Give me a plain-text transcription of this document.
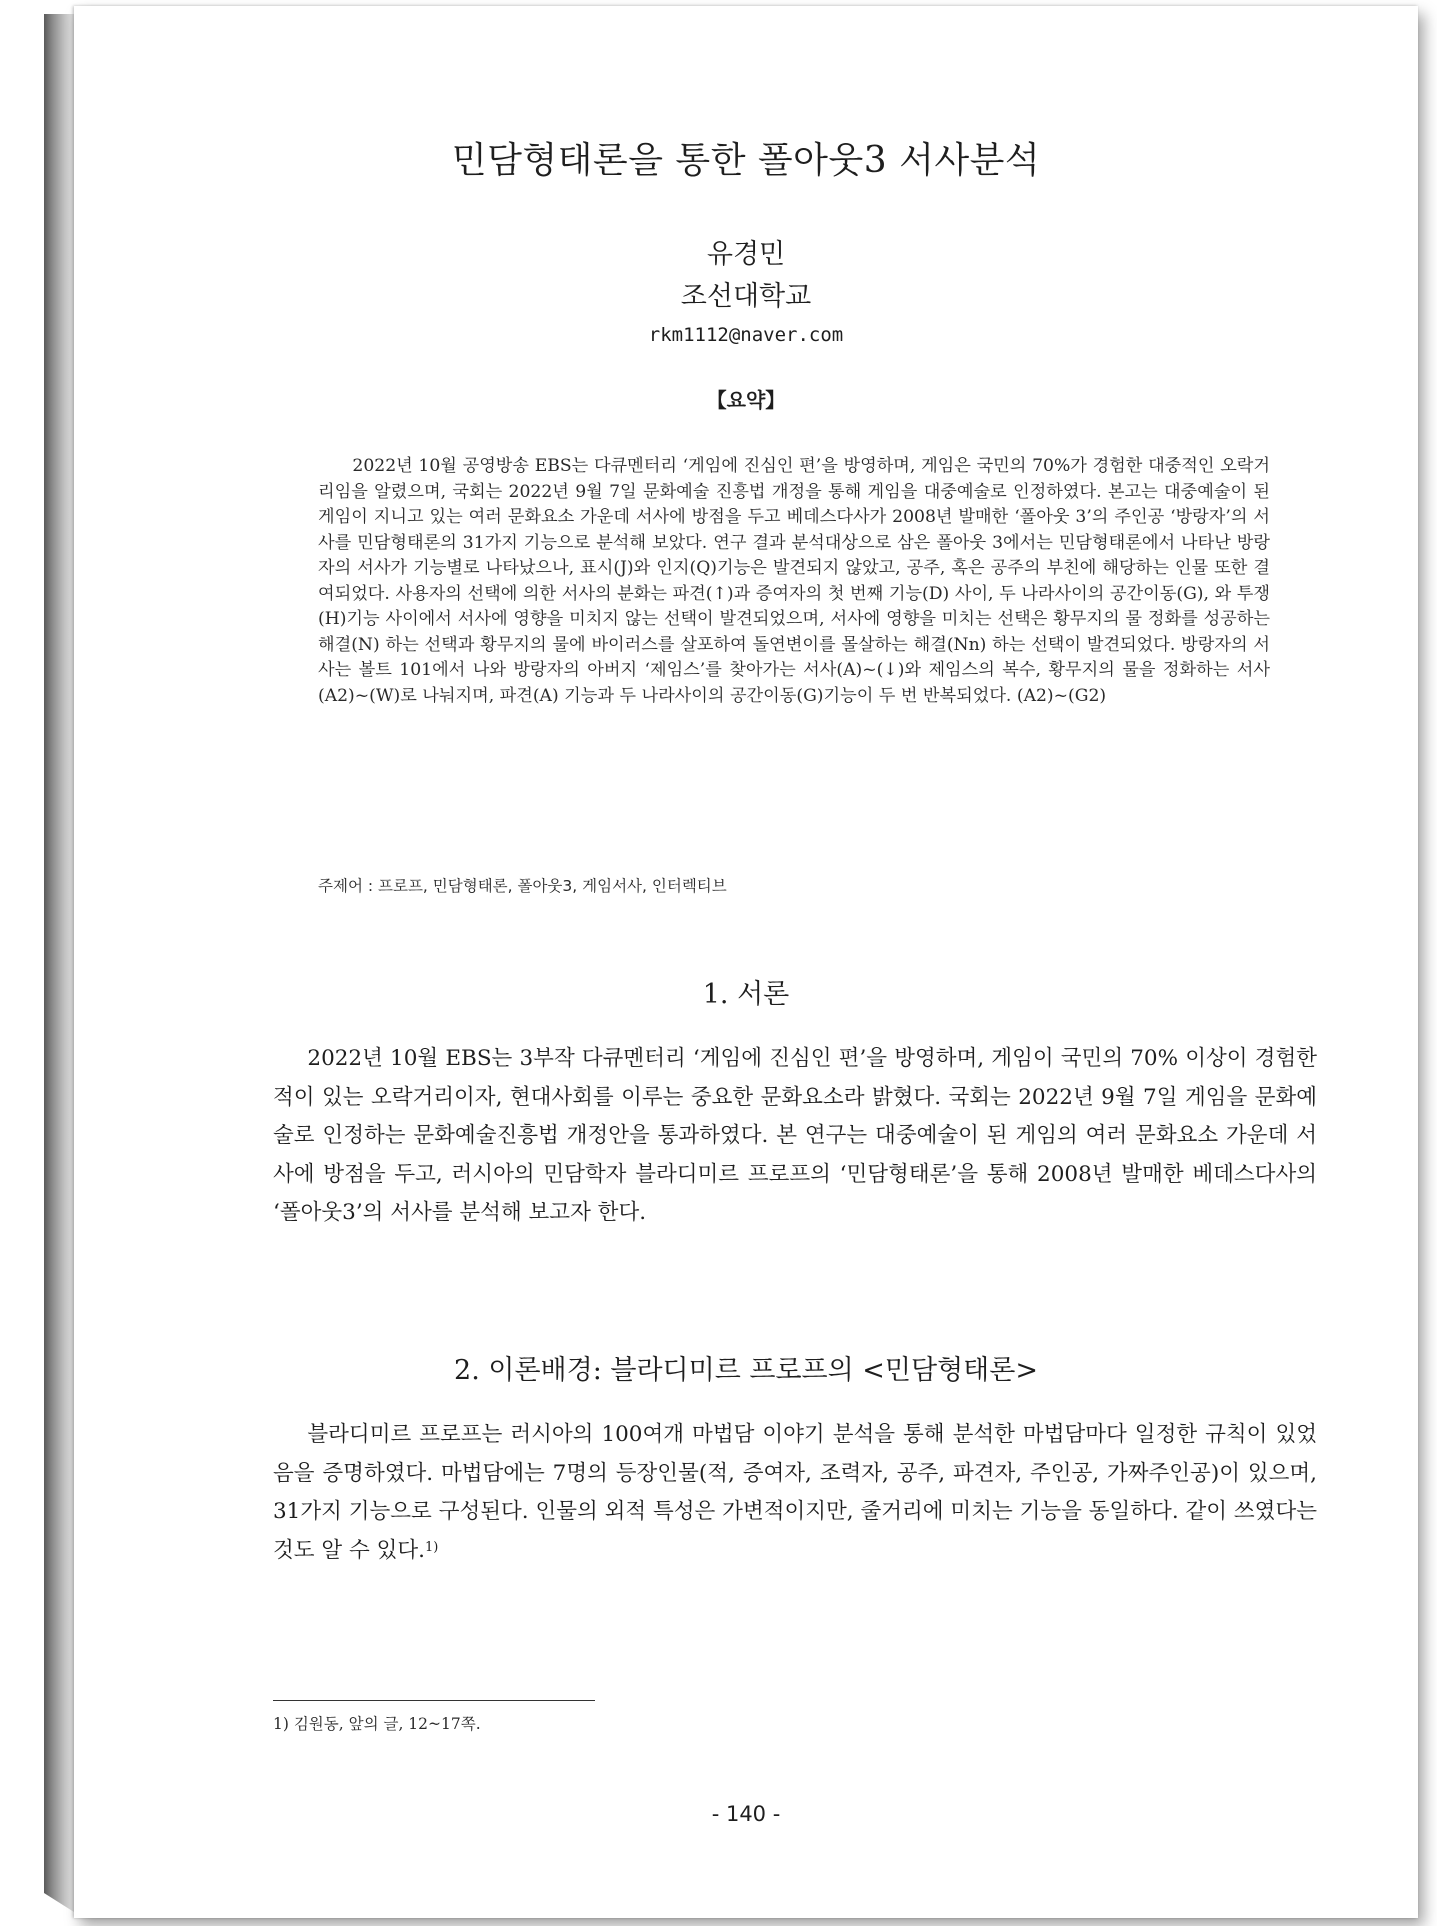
민담형태론을 통한 폴아웃3 서사분석
유경민
조선대학교
rkm1112@naver.com
【요약】
2022년 10월 공영방송 EBS는 다큐멘터리 ‘게임에 진심인 편’을 방영하며, 게임은 국민의 70%가 경험한 대중적인 오락거리임을 알렸으며, 국회는 2022년 9월 7일 문화예술 진흥법 개정을 통해 게임을 대중예술로 인정하였다. 본고는 대중예술이 된 게임이 지니고 있는 여러 문화요소 가운데 서사에 방점을 두고 베데스다사가 2008년 발매한 ‘폴아웃 3’의 주인공 ‘방랑자’의 서사를 민담형태론의 31가지 기능으로 분석해 보았다. 연구 결과 분석대상으로 삼은 폴아웃 3에서는 민담형태론에서 나타난 방랑자의 서사가 기능별로 나타났으나, 표시(J)와 인지(Q)기능은 발견되지 않았고, 공주, 혹은 공주의 부친에 해당하는 인물 또한 결여되었다. 사용자의 선택에 의한 서사의 분화는 파견(↑)과 증여자의 첫 번째 기능(D) 사이, 두 나라사이의 공간이동(G), 와 투쟁(H)기능 사이에서 서사에 영향을 미치지 않는 선택이 발견되었으며, 서사에 영향을 미치는 선택은 황무지의 물 정화를 성공하는 해결(N) 하는 선택과 황무지의 물에 바이러스를 살포하여 돌연변이를 몰살하는 해결(Nn) 하는 선택이 발견되었다. 방랑자의 서사는 볼트 101에서 나와 방랑자의 아버지 ‘제임스’를 찾아가는 서사(A)~(↓)와 제임스의 복수, 황무지의 물을 정화하는 서사(A2)~(W)로 나눠지며, 파견(A) 기능과 두 나라사이의 공간이동(G)기능이 두 번 반복되었다. (A2)~(G2)
주제어 : 프로프, 민담형태론, 폴아웃3, 게임서사, 인터렉티브
1. 서론
2022년 10월 EBS는 3부작 다큐멘터리 ‘게임에 진심인 편’을 방영하며, 게임이 국민의 70% 이상이 경험한 적이 있는 오락거리이자, 현대사회를 이루는 중요한 문화요소라 밝혔다. 국회는 2022년 9월 7일 게임을 문화예술로 인정하는 문화예술진흥법 개정안을 통과하였다. 본 연구는 대중예술이 된 게임의 여러 문화요소 가운데 서사에 방점을 두고, 러시아의 민담학자 블라디미르 프로프의 ‘민담형태론’을 통해 2008년 발매한 베데스다사의 ‘폴아웃3’의 서사를 분석해 보고자 한다.
2. 이론배경: 블라디미르 프로프의 <민담형태론>
블라디미르 프로프는 러시아의 100여개 마법담 이야기 분석을 통해 분석한 마법담마다 일정한 규칙이 있었음을 증명하였다. 마법담에는 7명의 등장인물(적, 증여자, 조력자, 공주, 파견자, 주인공, 가짜주인공)이 있으며, 31가지 기능으로 구성된다. 인물의 외적 특성은 가변적이지만, 줄거리에 미치는 기능을 동일하다. 같이 쓰였다는 것도 알 수 있다.$^{1)}$
1) 김원동, 앞의 글, 12~17쪽.
- 140 -
